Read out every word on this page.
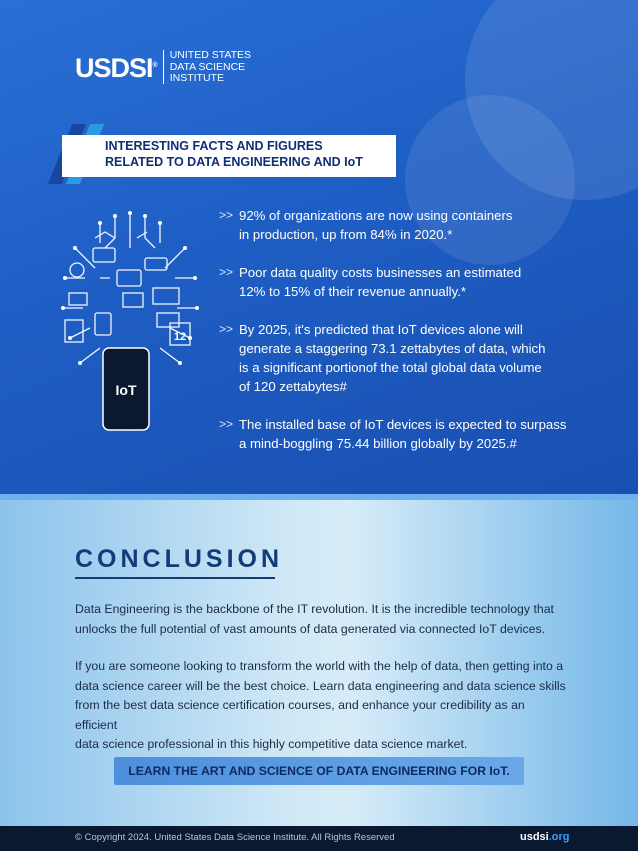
USDSI®
UNITED STATES
DATA SCIENCE
INSTITUTE
INTERESTING FACTS AND FIGURES
RELATED TO DATA ENGINEERING AND IoT
IoT
12
>> 92% of organizations are now using containers
in production, up from 84% in 2020.*
>> Poor data quality costs businesses an estimated
12% to 15% of their revenue annually.*
>> By 2025, it's predicted that IoT devices alone will
generate a staggering 73.1 zettabytes of data, which
is a significant portionof the total global data volume
of 120 zettabytes#
>> The installed base of IoT devices is expected to surpass
a mind-boggling 75.44 billion globally by 2025.#
CONCLUSION
Data Engineering is the backbone of the IT revolution. It is the incredible technology that
unlocks the full potential of vast amounts of data generated via connected IoT devices.
If you are someone looking to transform the world with the help of data, then getting into a
data science career will be the best choice. Learn data engineering and data science skills
from the best data science certification courses, and enhance your credibility as an efficient
data science professional in this highly competitive data science market.
LEARN THE ART AND SCIENCE OF DATA ENGINEERING FOR IoT.
© Copyright 2024. United States Data Science Institute. All Rights Reserved	usdsi.org
